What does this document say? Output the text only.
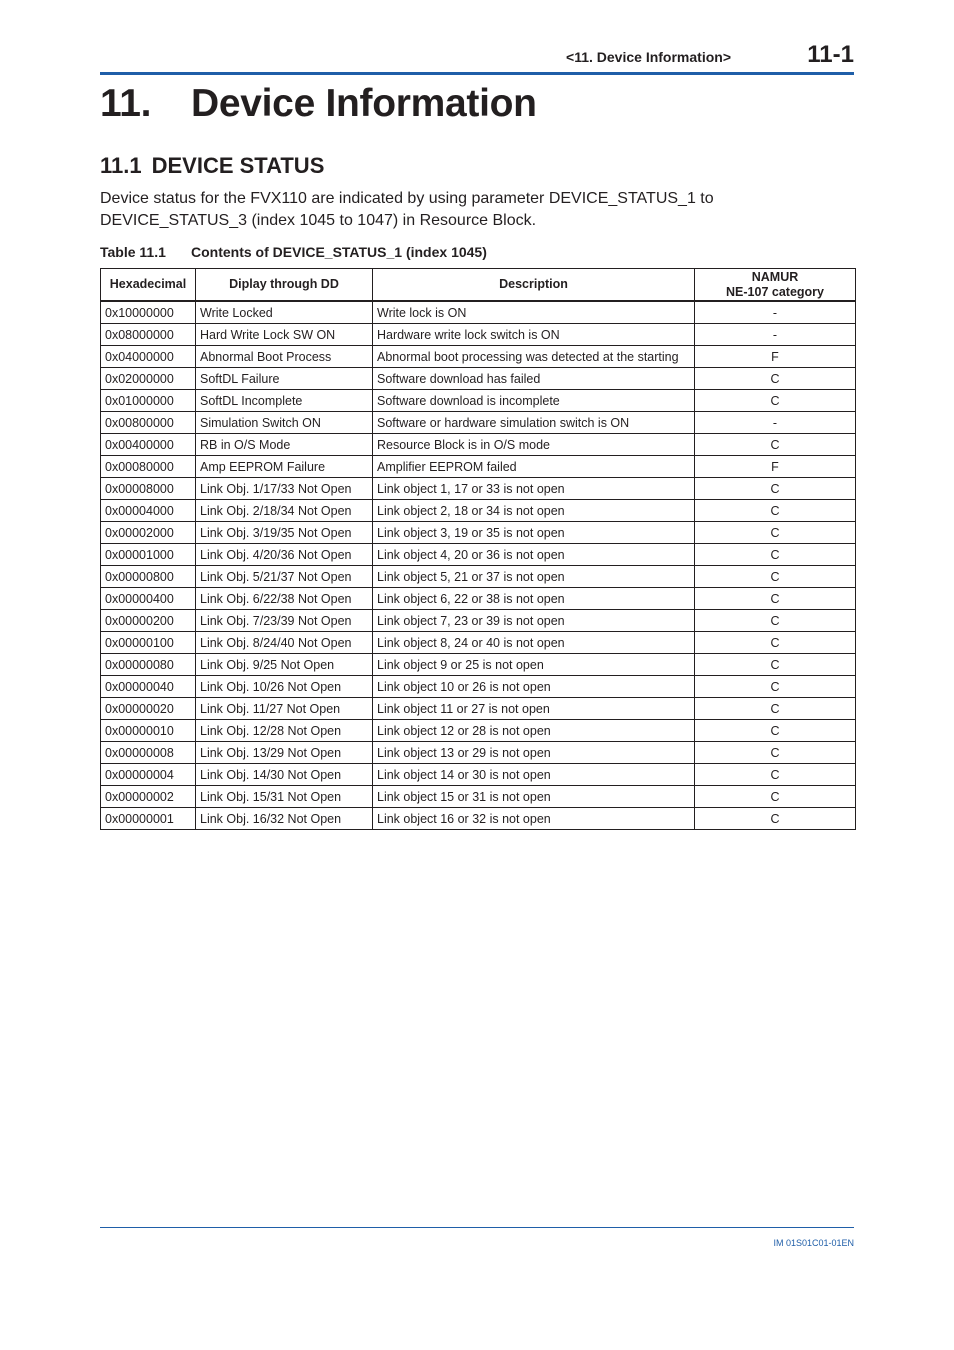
<11. Device Information>	11-1
11. Device Information
11.1 DEVICE STATUS

Device status for the FVX110 are indicated by using parameter DEVICE_STATUS_1 to DEVICE_STATUS_3 (index 1045 to 1047) in Resource Block.

Table 11.1 Contents of DEVICE_STATUS_1 (index 1045)
Hexadecimal	Diplay through DD	Description	NAMUR
NE-107 category
0x10000000	Write Locked	Write lock is ON	-
0x08000000	Hard Write Lock SW ON	Hardware write lock switch is ON	-
0x04000000	Abnormal Boot Process	Abnormal boot processing was detected at the starting	F
0x02000000	SoftDL Failure	Software download has failed	C
0x01000000	SoftDL Incomplete	Software download is incomplete	C
0x00800000	Simulation Switch ON	Software or hardware simulation switch is ON	-
0x00400000	RB in O/S Mode	Resource Block is in O/S mode	C
0x00080000	Amp EEPROM Failure	Amplifier EEPROM failed	F
0x00008000	Link Obj. 1/17/33 Not Open	Link object 1, 17 or 33 is not open	C
0x00004000	Link Obj. 2/18/34 Not Open	Link object 2, 18 or 34 is not open	C
0x00002000	Link Obj. 3/19/35 Not Open	Link object 3, 19 or 35 is not open	C
0x00001000	Link Obj. 4/20/36 Not Open	Link object 4, 20 or 36 is not open	C
0x00000800	Link Obj. 5/21/37 Not Open	Link object 5, 21 or 37 is not open	C
0x00000400	Link Obj. 6/22/38 Not Open	Link object 6, 22 or 38 is not open	C
0x00000200	Link Obj. 7/23/39 Not Open	Link object 7, 23 or 39 is not open	C
0x00000100	Link Obj. 8/24/40 Not Open	Link object 8, 24 or 40 is not open	C
0x00000080	Link Obj. 9/25 Not Open	Link object 9 or 25 is not open	C
0x00000040	Link Obj. 10/26 Not Open	Link object 10 or 26 is not open	C
0x00000020	Link Obj. 11/27 Not Open	Link object 11 or 27 is not open	C
0x00000010	Link Obj. 12/28 Not Open	Link object 12 or 28 is not open	C
0x00000008	Link Obj. 13/29 Not Open	Link object 13 or 29 is not open	C
0x00000004	Link Obj. 14/30 Not Open	Link object 14 or 30 is not open	C
0x00000002	Link Obj. 15/31 Not Open	Link object 15 or 31 is not open	C
0x00000001	Link Obj. 16/32 Not Open	Link object 16 or 32 is not open	C
IM 01S01C01-01EN
